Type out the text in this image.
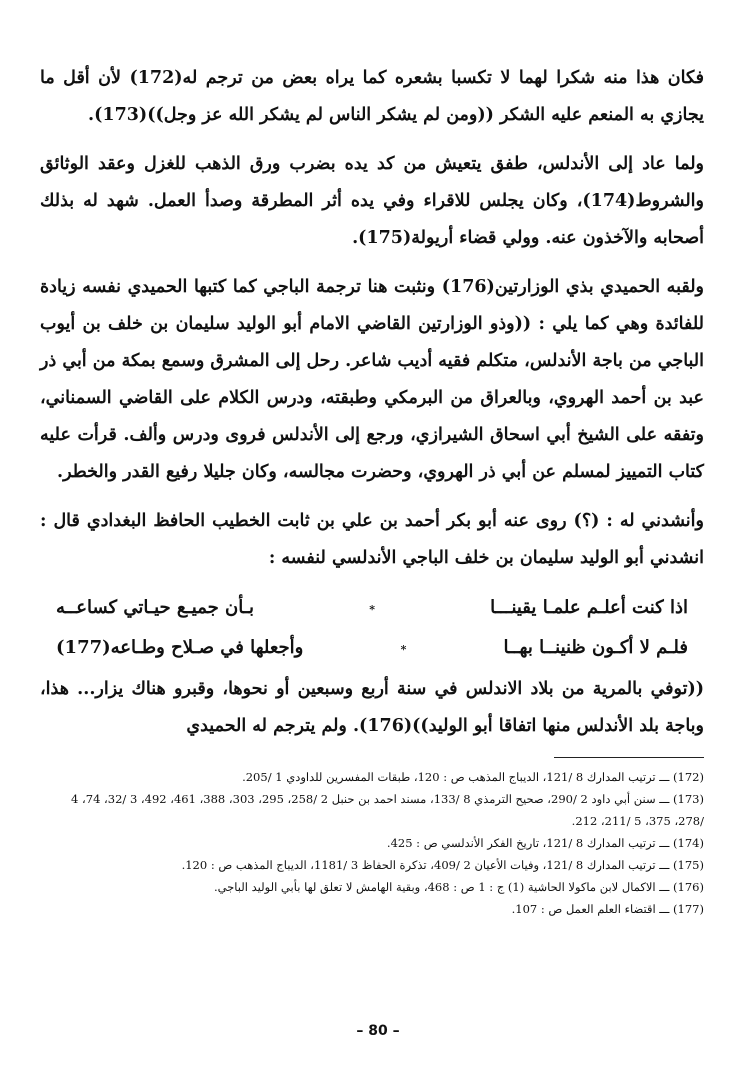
فكان هذا منه شكرا لهما لا تكسبا بشعره كما يراه بعض من ترجم له(172) لأن أقل ما يجازي به المنعم عليه الشكر ((ومن لم يشكر الناس لم يشكر الله عز وجل))(173).

ولما عاد إلى الأندلس، طفق يتعيش من كد يده بضرب ورق الذهب للغزل وعقد الوثائق والشروط(174)، وكان يجلس للاقراء وفي يده أثر المطرقة وصدأ العمل. شهد له بذلك أصحابه والآخذون عنه. وولي قضاء أريولة(175).

ولقبه الحميدي بذي الوزارتين(176) ونثبت هنا ترجمة الباجي كما كتبها الحميدي نفسه زيادة للفائدة وهي كما يلي : ((وذو الوزارتين القاضي الامام أبو الوليد سليمان بن خلف بن أيوب الباجي من باجة الأندلس، متكلم فقيه أديب شاعر. رحل إلى المشرق وسمع بمكة من أبي ذر عبد بن أحمد الهروي، وبالعراق من البرمكي وطبقته، ودرس الكلام على القاضي السمناني، وتفقه على الشيخ أبي اسحاق الشيرازي، ورجع إلى الأندلس فروى ودرس وألف. قرأت عليه كتاب التمييز لمسلم عن أبي ذر الهروي، وحضرت مجالسه، وكان جليلا رفيع القدر والخطر.

وأنشدني له : (؟) روى عنه أبو بكر أحمد بن علي بن ثابت الخطيب الحافظ البغدادي قال : انشدني أبو الوليد سليمان بن خلف الباجي الأندلسي لنفسه :

اذا كنت أعلـم علمـا يقينـــا
*
بـأن جميـع حيـاتي كساعــه
فلـم لا أكـون ظنينــا بهــا
*
وأجعلها في صـلاح وطـاعه(177)

((توفي بالمرية من بلاد الاندلس في سنة أربع وسبعين أو نحوها، وقبرو هناك يزار... هذا، وباجة بلد الأندلس منها اتفاقا أبو الوليد))(176). ولم يترجم له الحميدي

(172) ـــ ترتيب المدارك 8 /121، الديباج المذهب ص : 120، طبقات المفسرين للداودي 1 /205.

(173) ـــ سنن أبي داود 2 /290، صحيح الترمذي 8 /133، مسند احمد بن حنبل 2 /258، 295، 303، 388، 461، 492، 3 /32، 74، 4 /278، 375، 5 /211، 212.

(174) ـــ ترتيب المدارك 8 /121، تاريخ الفكر الأندلسي ص : 425.

(175) ـــ ترتيب المدارك 8 /121، وفيات الأعيان 2 /409، تذكرة الحفاظ 3 /1181، الديباج المذهب ص : 120.

(176) ـــ الاكمال لابن ماكولا الحاشية (1) ج : 1 ص : 468، وبقية الهامش لا تعلق لها بأبي الوليد الباجي.

(177) ـــ اقتضاء العلم العمل ص : 107.

– 80 –
